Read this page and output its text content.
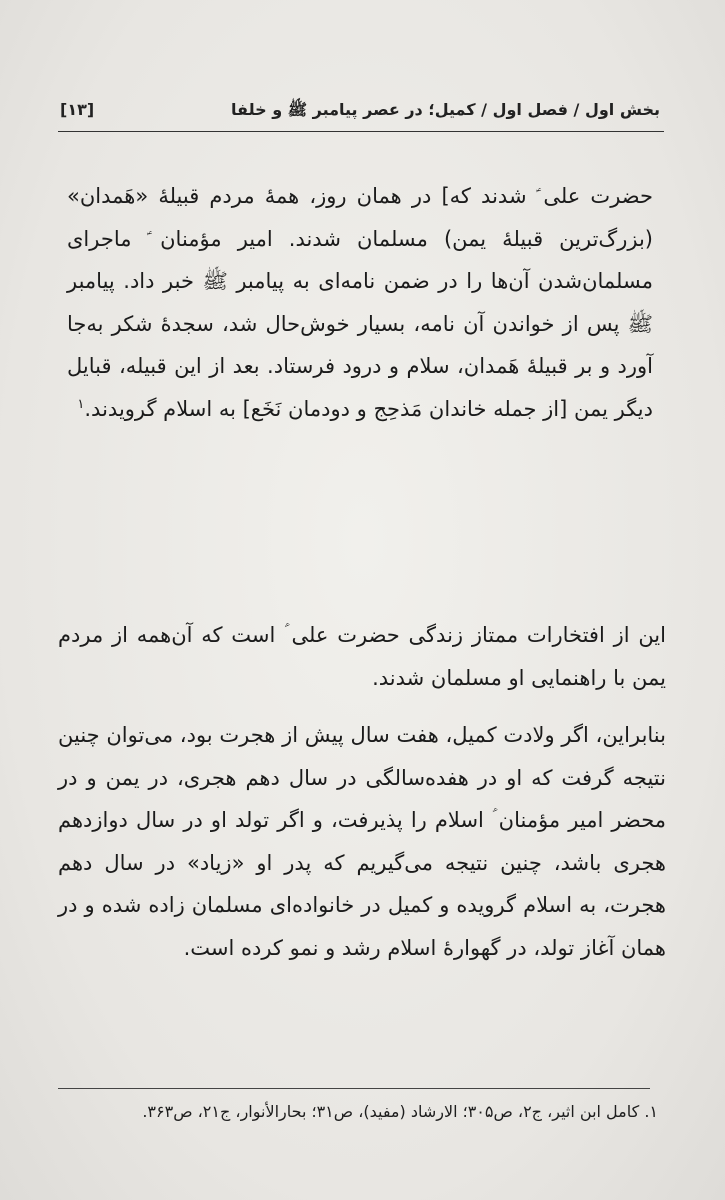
بخش اول / فصل اول / کمیل؛ در عصر پیامبر ﷺ و خلفا
[۱۳]

حضرت علی ؑ شدند که] در همان روز، همهٔ مردم قبیلهٔ «هَمدان» (بزرگ‌ترین قبیلهٔ یمن) مسلمان شدند. امیر مؤمنان ؑ ماجرای مسلمان‌شدن آن‌ها را در ضمن نامه‌ای به پیامبر ﷺ خبر داد. پیامبر ﷺ پس از خواندن آن نامه، بسیار خوش‌حال شد، سجدهٔ شکر به‌جا آورد و بر قبیلهٔ هَمدان، سلام و درود فرستاد. بعد از این قبیله، قبایل دیگر یمن [از جمله خاندان مَذحِج و دودمان نَخَع] به اسلام گرویدند.$^۱$

این از افتخارات ممتاز زندگی حضرت علی ؑ است که آن‌همه از مردم یمن با راهنمایی او مسلمان شدند.

بنابراین، اگر ولادت کمیل، هفت سال پیش از هجرت بود، می‌توان چنین نتیجه گرفت که او در هفده‌سالگی در سال دهم هجری، در یمن و در محضر امیر مؤمنان ؑ اسلام را پذیرفت، و اگر تولد او در سال دوازدهم هجری باشد، چنین نتیجه می‌گیریم که پدر او «زیاد» در سال دهم هجرت، به اسلام گرویده و کمیل در خانواده‌ای مسلمان زاده شده و در همان آغاز تولد، در گهوارهٔ اسلام رشد و نمو کرده است.

۱. کامل ابن اثیر، ج۲، ص۳۰۵؛ الارشاد (مفید)، ص۳۱؛ بحارالأنوار، ج۲۱، ص۳۶۳.
